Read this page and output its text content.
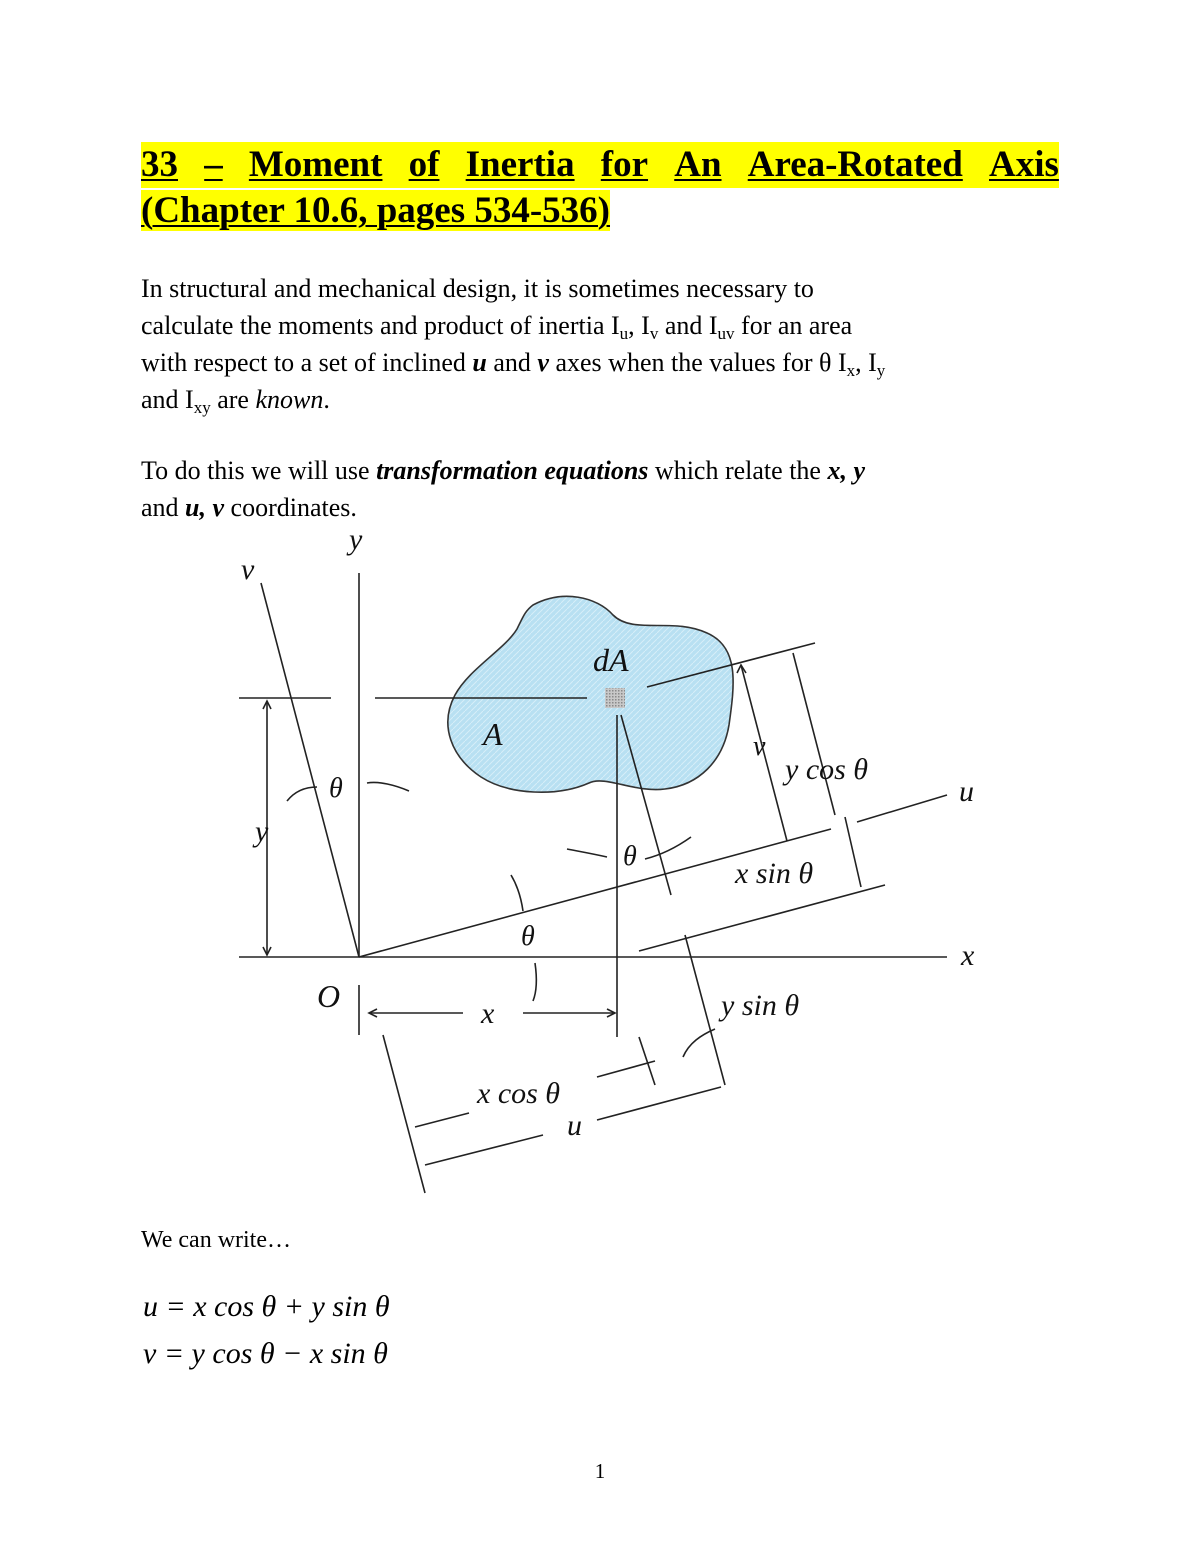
33 – Moment of Inertia for An Area-Rotated Axis
(Chapter 10.6, pages 534-536)
In structural and mechanical design, it is sometimes necessary to
calculate the moments and product of inertia $I_u$, $I_v$ and $I_{uv}$ for an area
with respect to a set of inclined u and v axes when the values for θ $I_x$, $I_y$
and $I_{xy}$ are known.
To do this we will use transformation equations which relate the x, y
and u, v coordinates.
v
y
dA
A	v
y cos θ
u
θ
y
θ
x sin θ
θ
x
O	x	y sin θ
x cos θ
u

We can write…

u = x cos θ + y sin θ

v = y cos θ − x sin θ

1
